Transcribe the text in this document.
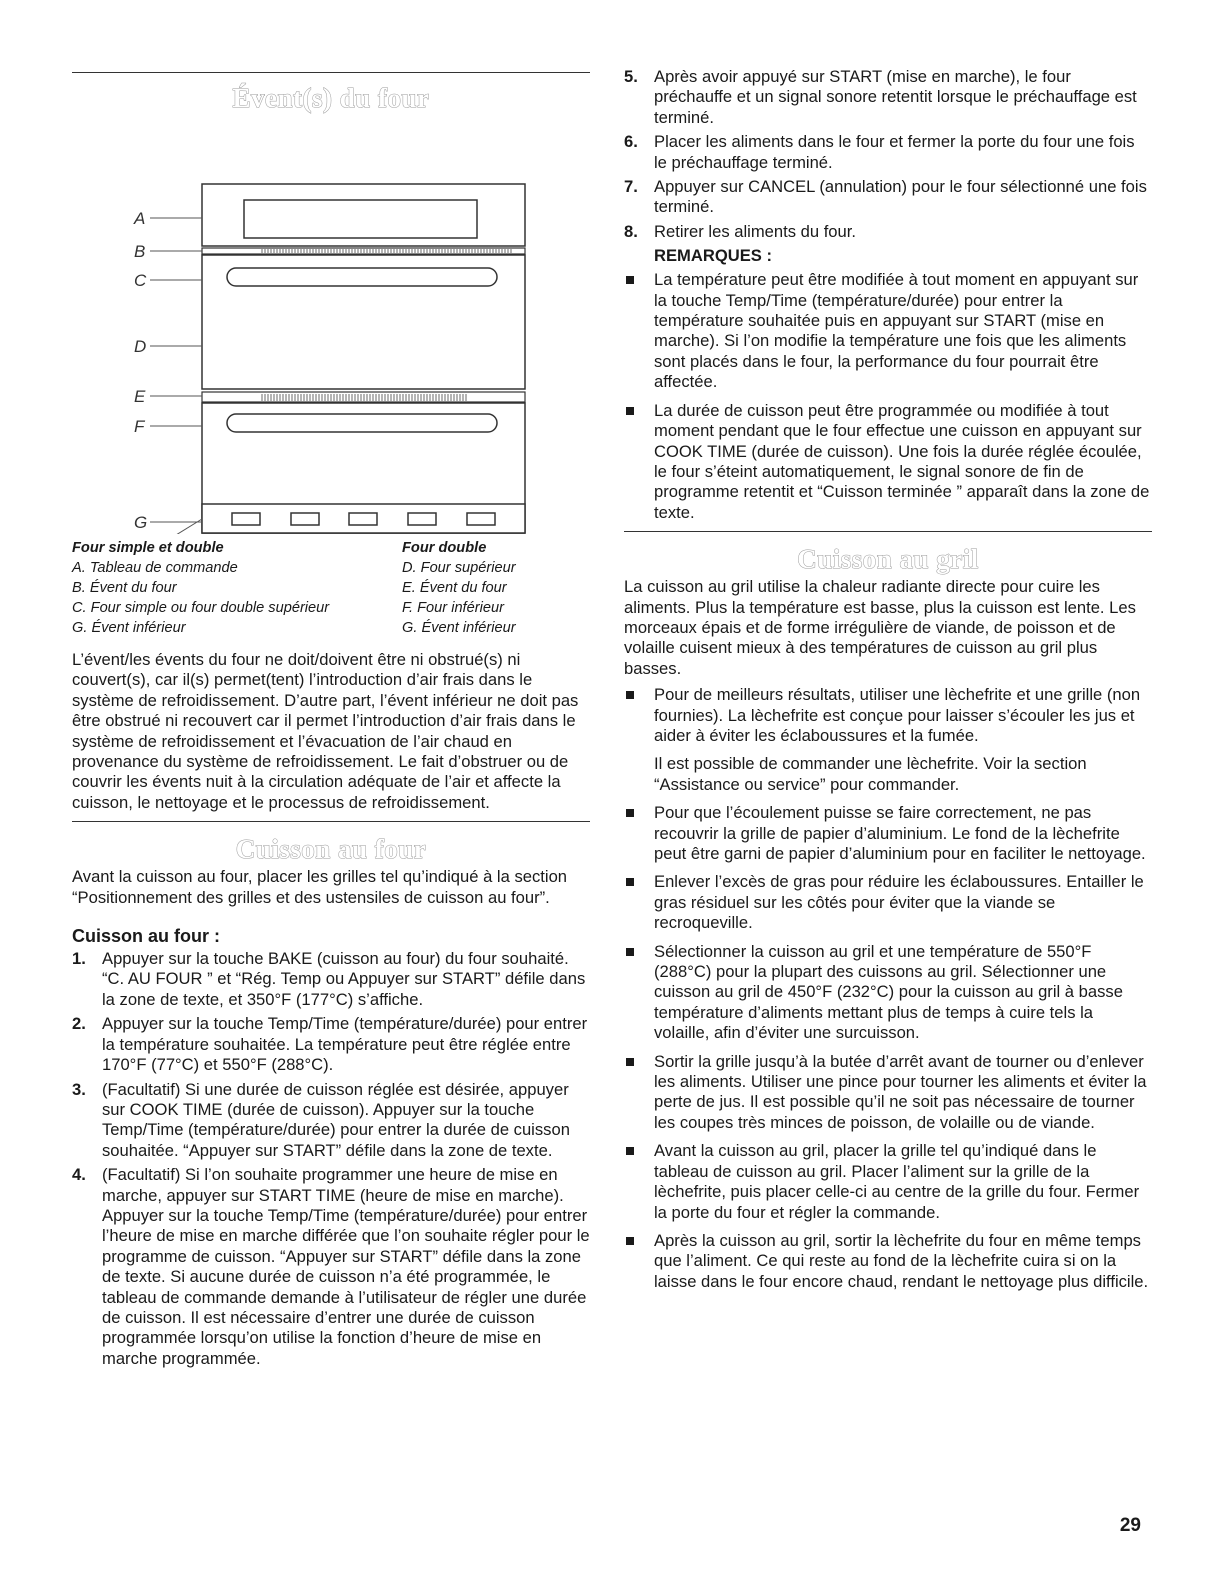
Évent(s) du four
A
B
C
D
E
F
G
Four simple et double
A. Tableau de commande
B. Évent du four
C. Four simple ou four double supérieur
G. Évent inférieur
Four double
D. Four supérieur
E. Évent du four
F. Four inférieur
G. Évent inférieur

L’évent/les évents du four ne doit/doivent être ni obstrué(s) ni couvert(s), car il(s) permet(tent) l’introduction d’air frais dans le système de refroidissement. D’autre part, l’évent inférieur ne doit pas être obstrué ni recouvert car il permet l’introduction d’air frais dans le système de refroidissement et l’évacuation de l’air chaud en provenance du système de refroidissement. Le fait d’obstruer ou de couvrir les évents nuit à la circulation adéquate de l’air et affecte la cuisson, le nettoyage et le processus de refroidissement.

Cuisson au four

Avant la cuisson au four, placer les grilles tel qu’indiqué à la section “Positionnement des grilles et des ustensiles de cuisson au four”.

Cuisson au four :
1. Appuyer sur la touche BAKE (cuisson au four) du four souhaité. “C. AU FOUR ” et “Rég. Temp ou Appuyer sur START” défile dans la zone de texte, et 350°F (177°C) s’affiche.
2. Appuyer sur la touche Temp/Time (température/durée) pour entrer la température souhaitée. La température peut être réglée entre 170°F (77°C) et 550°F (288°C).
3. (Facultatif) Si une durée de cuisson réglée est désirée, appuyer sur COOK TIME (durée de cuisson). Appuyer sur la touche Temp/Time (température/durée) pour entrer la durée de cuisson souhaitée. “Appuyer sur START” défile dans la zone de texte.
4. (Facultatif) Si l’on souhaite programmer une heure de mise en marche, appuyer sur START TIME (heure de mise en marche). Appuyer sur la touche Temp/Time (température/durée) pour entrer l’heure de mise en marche différée que l’on souhaite régler pour le programme de cuisson. “Appuyer sur START” défile dans la zone de texte. Si aucune durée de cuisson n’a été programmée, le tableau de commande demande à l’utilisateur de régler une durée de cuisson. Il est nécessaire d’entrer une durée de cuisson programmée lorsqu’on utilise la fonction d’heure de mise en marche programmée.
5. Après avoir appuyé sur START (mise en marche), le four préchauffe et un signal sonore retentit lorsque le préchauffage est terminé.
6. Placer les aliments dans le four et fermer la porte du four une fois le préchauffage terminé.
7. Appuyer sur CANCEL (annulation) pour le four sélectionné une fois terminé.
8. Retirer les aliments du four.
REMARQUES :
La température peut être modifiée à tout moment en appuyant sur la touche Temp/Time (température/durée) pour entrer la température souhaitée puis en appuyant sur START (mise en marche). Si l’on modifie la température une fois que les aliments sont placés dans le four, la performance du four pourrait être affectée.
La durée de cuisson peut être programmée ou modifiée à tout moment pendant que le four effectue une cuisson en appuyant sur COOK TIME (durée de cuisson). Une fois la durée réglée écoulée, le four s’éteint automatiquement, le signal sonore de fin de programme retentit et “Cuisson terminée ” apparaît dans la zone de texte.
Cuisson au gril

La cuisson au gril utilise la chaleur radiante directe pour cuire les aliments. Plus la température est basse, plus la cuisson est lente. Les morceaux épais et de forme irrégulière de viande, de poisson et de volaille cuisent mieux à des températures de cuisson au gril plus basses.

Pour de meilleurs résultats, utiliser une lèchefrite et une grille (non fournies). La lèchefrite est conçue pour laisser s’écouler les jus et aider à éviter les éclaboussures et la fumée.
Il est possible de commander une lèchefrite. Voir la section “Assistance ou service” pour commander.
Pour que l’écoulement puisse se faire correctement, ne pas recouvrir la grille de papier d’aluminium. Le fond de la lèchefrite peut être garni de papier d’aluminium pour en faciliter le nettoyage.
Enlever l’excès de gras pour réduire les éclaboussures. Entailler le gras résiduel sur les côtés pour éviter que la viande se recroqueville.
Sélectionner la cuisson au gril et une température de 550°F (288°C) pour la plupart des cuissons au gril. Sélectionner une cuisson au gril de 450°F (232°C) pour la cuisson au gril à basse température d’aliments mettant plus de temps à cuire tels la volaille, afin d’éviter une surcuisson.
Sortir la grille jusqu’à la butée d’arrêt avant de tourner ou d’enlever les aliments. Utiliser une pince pour tourner les aliments et éviter la perte de jus. Il est possible qu’il ne soit pas nécessaire de tourner les coupes très minces de poisson, de volaille ou de viande.
Avant la cuisson au gril, placer la grille tel qu’indiqué dans le tableau de cuisson au gril. Placer l’aliment sur la grille de la lèchefrite, puis placer celle-ci au centre de la grille du four. Fermer la porte du four et régler la commande.
Après la cuisson au gril, sortir la lèchefrite du four en même temps que l’aliment. Ce qui reste au fond de la lèchefrite cuira si on la laisse dans le four encore chaud, rendant le nettoyage plus difficile.
29
